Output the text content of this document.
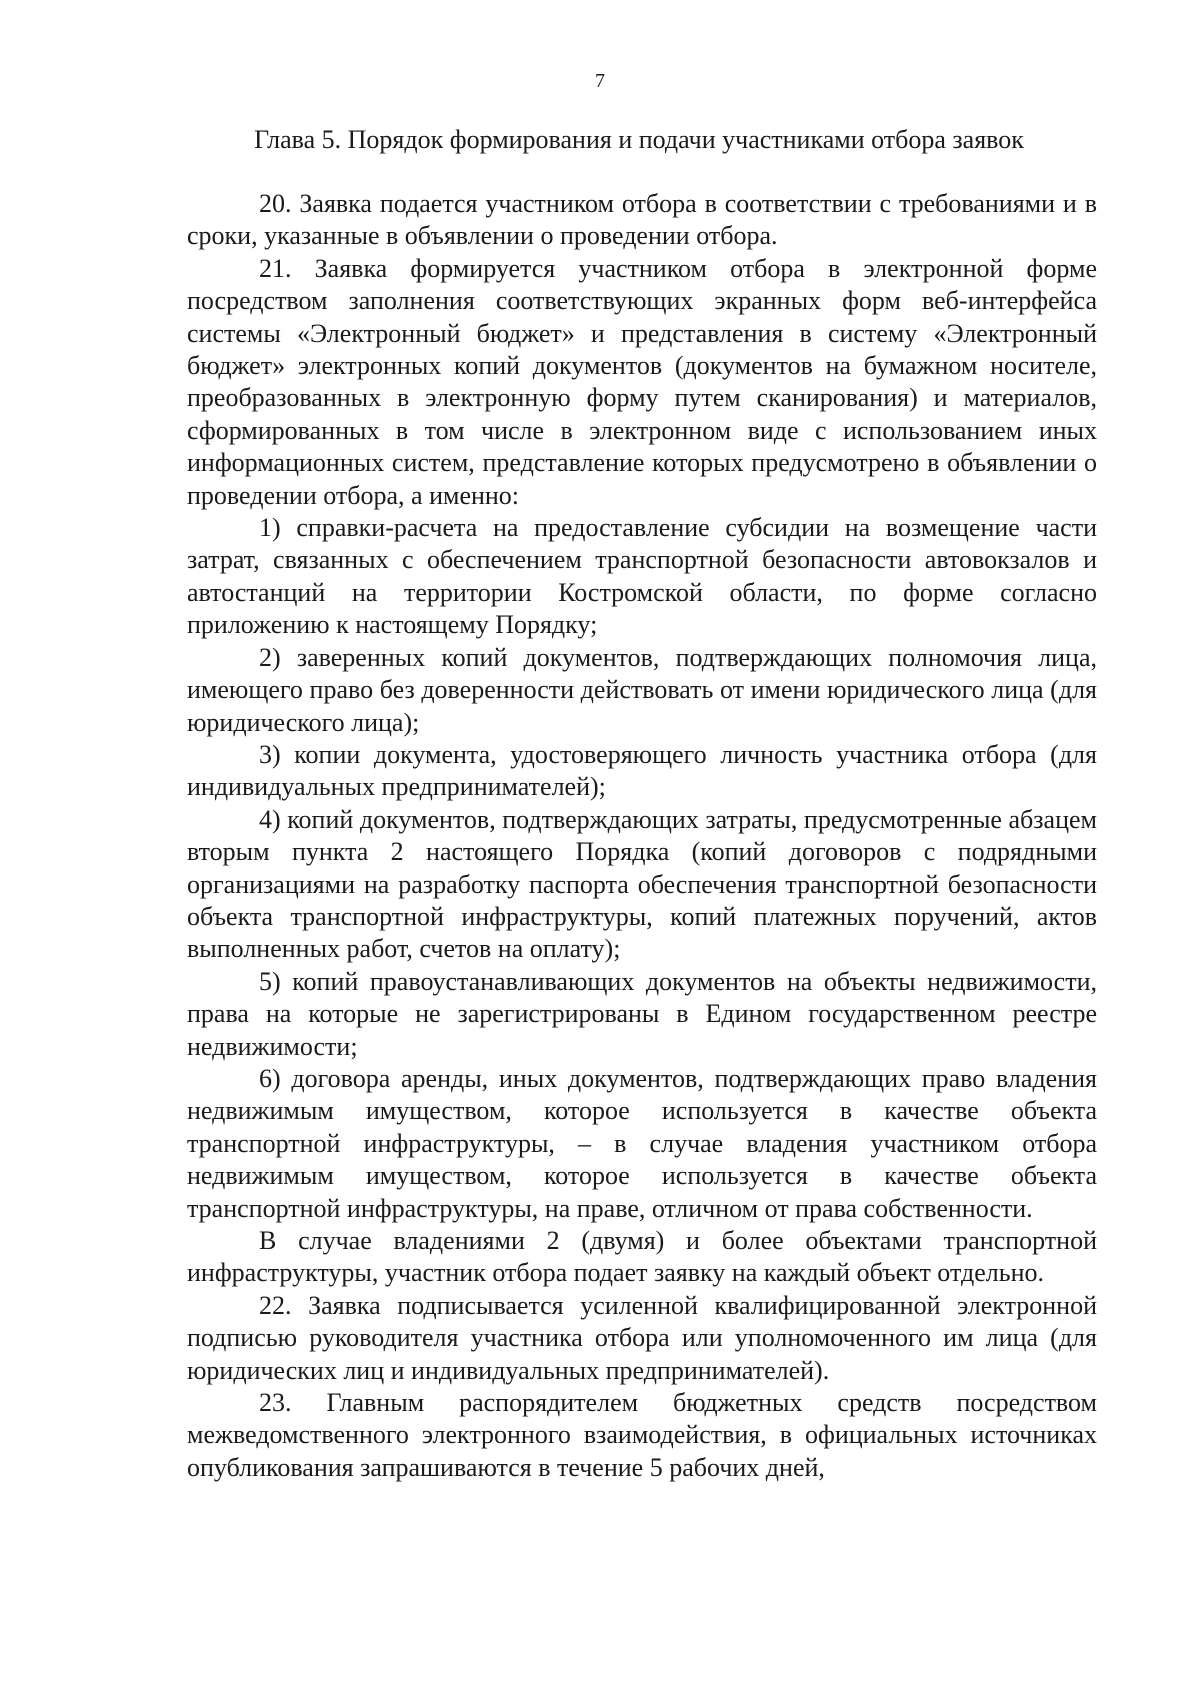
7
Глава 5. Порядок формирования и подачи участниками отбора заявок

20. Заявка подается участником отбора в соответствии с требованиями и в сроки, указанные в объявлении о проведении отбора.

21. Заявка формируется участником отбора в электронной форме посредством заполнения соответствующих экранных форм веб-интерфейса системы «Электронный бюджет» и представления в систему «Электронный бюджет» электронных копий документов (документов на бумажном носителе, преобразованных в электронную форму путем сканирования) и материалов, сформированных в том числе в электронном виде с использованием иных информационных систем, представление которых предусмотрено в объявлении о проведении отбора, а именно:

1) справки-расчета на предоставление субсидии на возмещение части затрат, связанных с обеспечением транспортной безопасности автовокзалов и автостанций на территории Костромской области, по форме согласно приложению к настоящему Порядку;

2) заверенных копий документов, подтверждающих полномочия лица, имеющего право без доверенности действовать от имени юридического лица (для юридического лица);

3) копии документа, удостоверяющего личность участника отбора (для индивидуальных предпринимателей);

4) копий документов, подтверждающих затраты, предусмотренные абзацем вторым пункта 2 настоящего Порядка (копий договоров с подрядными организациями на разработку паспорта обеспечения транспортной безопасности объекта транспортной инфраструктуры, копий платежных поручений, актов выполненных работ, счетов на оплату);

5) копий правоустанавливающих документов на объекты недвижимости, права на которые не зарегистрированы в Едином государственном реестре недвижимости;

6) договора аренды, иных документов, подтверждающих право владения недвижимым имуществом, которое используется в качестве объекта транспортной инфраструктуры, – в случае владения участником отбора недвижимым имуществом, которое используется в качестве объекта транспортной инфраструктуры, на праве, отличном от права собственности.

В случае владениями 2 (двумя) и более объектами транспортной инфраструктуры, участник отбора подает заявку на каждый объект отдельно.

22. Заявка подписывается усиленной квалифицированной электронной подписью руководителя участника отбора или уполномоченного им лица (для юридических лиц и индивидуальных предпринимателей).

23. Главным распорядителем бюджетных средств посредством межведомственного электронного взаимодействия, в официальных источниках опубликования запрашиваются в течение 5 рабочих дней,
